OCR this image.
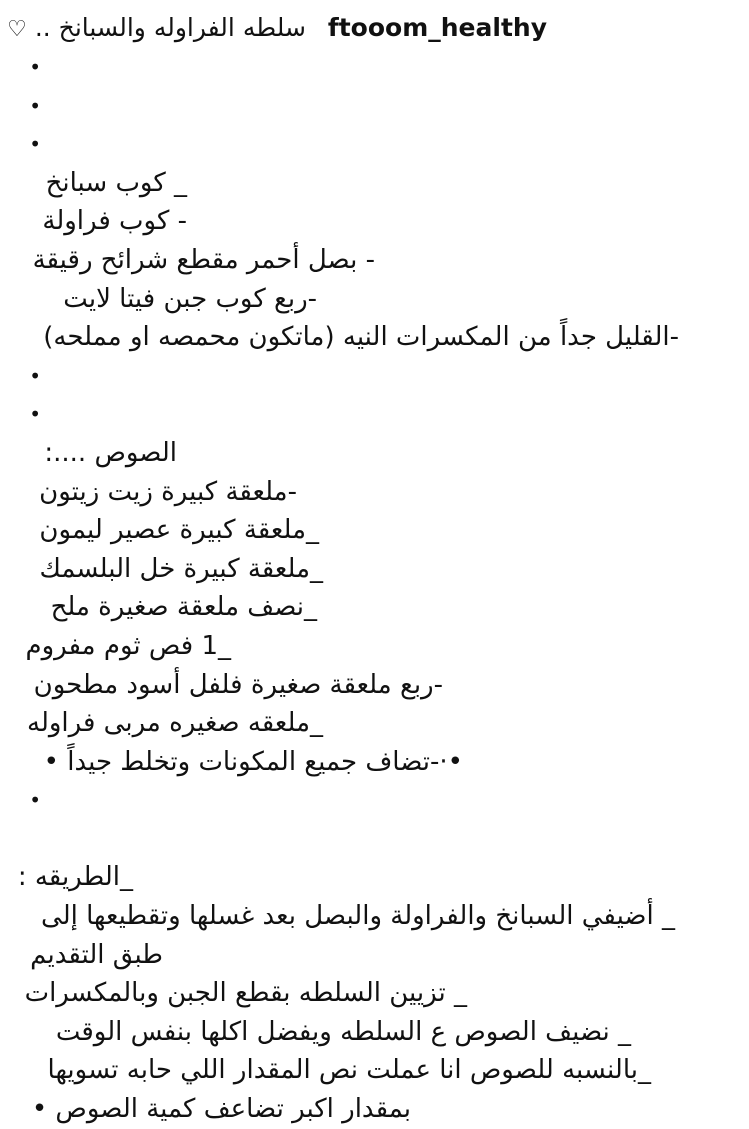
ftooom_healthy  سلطه الفراوله والسبانخ .. ♡
•
•
•
_ كوب سبانخ
- كوب فراولة
- بصل أحمر مقطع شرائح رقيقة
-ربع كوب جبن فيتا لايت
-القليل جداً من المكسرات النيه (ماتكون محمصه او مملحه)
•
•
الصوص ....:
-ملعقة كبيرة زيت زيتون
_ملعقة كبيرة عصير ليمون
_ملعقة كبيرة خل البلسمك
_نصف ملعقة صغيرة ملح
_1 فص ثوم مفروم
-ربع ملعقة صغيرة فلفل أسود مطحون
_ملعقه صغيره مربى فراوله
•·-تضاف جميع المكونات وتخلط جيداً •
•
_الطريقه :
_ أضيفي السبانخ والفراولة والبصل بعد غسلها وتقطيعها إلى
طبق التقديم
_ تزيين السلطه بقطع الجبن وبالمكسرات
_ نضيف الصوص ع السلطه ويفضل اكلها بنفس الوقت
_بالنسبه للصوص انا عملت نص المقدار اللي حابه تسويها
بمقدار اكبر تضاعف كمية الصوص •
